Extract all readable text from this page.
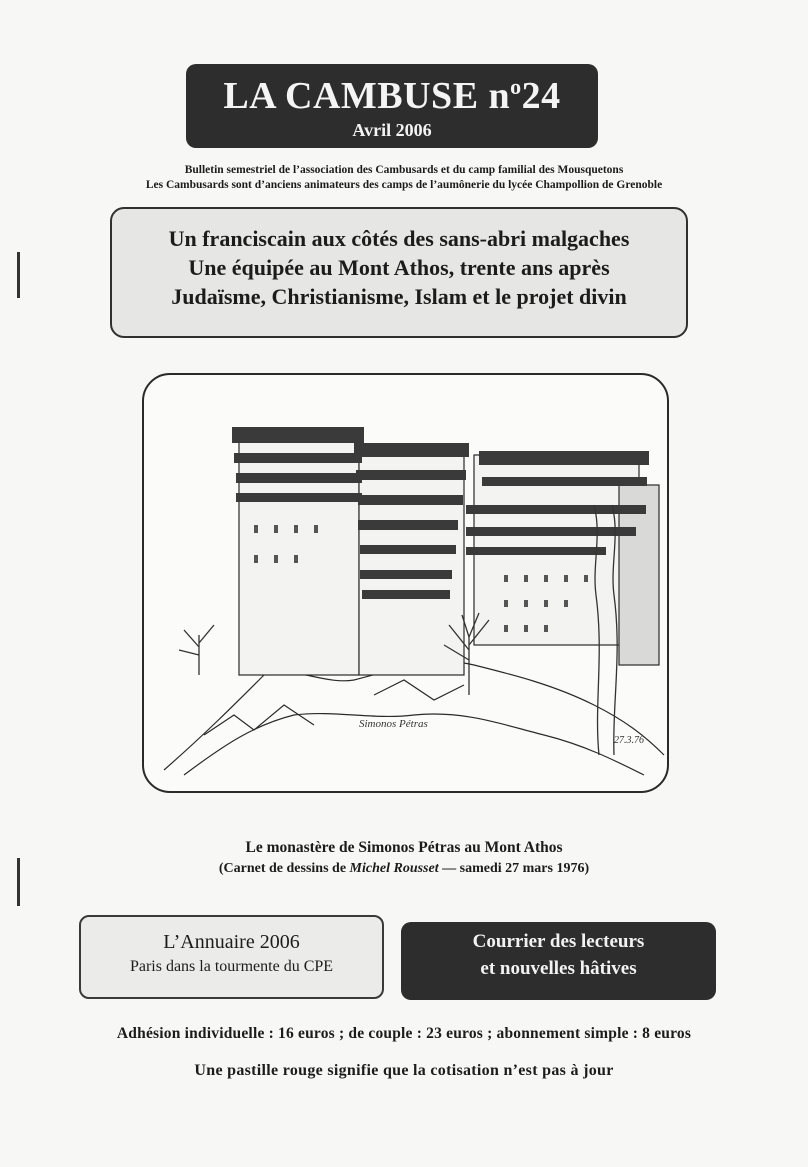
LA CAMBUSE $n^o24$
Avril 2006
Bulletin semestriel de l’association des Cambusards et du camp familial des Mousquetons
Les Cambusards sont d’anciens animateurs des camps de l’aumônerie du lycée Champollion de Grenoble
Un franciscain aux côtés des sans-abri malgaches
Une équipée au Mont Athos, trente ans après
Judaïsme, Christianisme, Islam et le projet divin
Simonos Pétras
27.3.76
Le monastère de Simonos Pétras au Mont Athos
(Carnet de dessins de Michel Rousset — samedi 27 mars 1976)
L’Annuaire 2006
Paris dans la tourmente du CPE
Courrier des lecteurs
et nouvelles hâtives
Adhésion individuelle : 16 euros ; de couple : 23 euros ; abonnement simple : 8 euros
Une pastille rouge signifie que la cotisation n’est pas à jour
